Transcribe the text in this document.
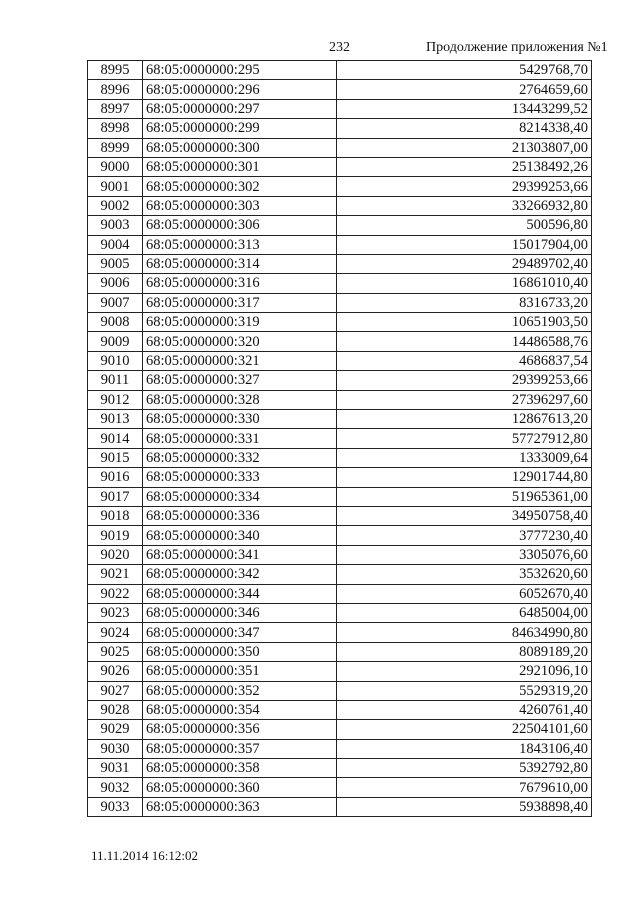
232	Продолжение приложения №1
8995	68:05:0000000:295	5429768,70
8996	68:05:0000000:296	2764659,60
8997	68:05:0000000:297	13443299,52
8998	68:05:0000000:299	8214338,40
8999	68:05:0000000:300	21303807,00
9000	68:05:0000000:301	25138492,26
9001	68:05:0000000:302	29399253,66
9002	68:05:0000000:303	33266932,80
9003	68:05:0000000:306	500596,80
9004	68:05:0000000:313	15017904,00
9005	68:05:0000000:314	29489702,40
9006	68:05:0000000:316	16861010,40
9007	68:05:0000000:317	8316733,20
9008	68:05:0000000:319	10651903,50
9009	68:05:0000000:320	14486588,76
9010	68:05:0000000:321	4686837,54
9011	68:05:0000000:327	29399253,66
9012	68:05:0000000:328	27396297,60
9013	68:05:0000000:330	12867613,20
9014	68:05:0000000:331	57727912,80
9015	68:05:0000000:332	1333009,64
9016	68:05:0000000:333	12901744,80
9017	68:05:0000000:334	51965361,00
9018	68:05:0000000:336	34950758,40
9019	68:05:0000000:340	3777230,40
9020	68:05:0000000:341	3305076,60
9021	68:05:0000000:342	3532620,60
9022	68:05:0000000:344	6052670,40
9023	68:05:0000000:346	6485004,00
9024	68:05:0000000:347	84634990,80
9025	68:05:0000000:350	8089189,20
9026	68:05:0000000:351	2921096,10
9027	68:05:0000000:352	5529319,20
9028	68:05:0000000:354	4260761,40
9029	68:05:0000000:356	22504101,60
9030	68:05:0000000:357	1843106,40
9031	68:05:0000000:358	5392792,80
9032	68:05:0000000:360	7679610,00
9033	68:05:0000000:363	5938898,40
11.11.2014 16:12:02
